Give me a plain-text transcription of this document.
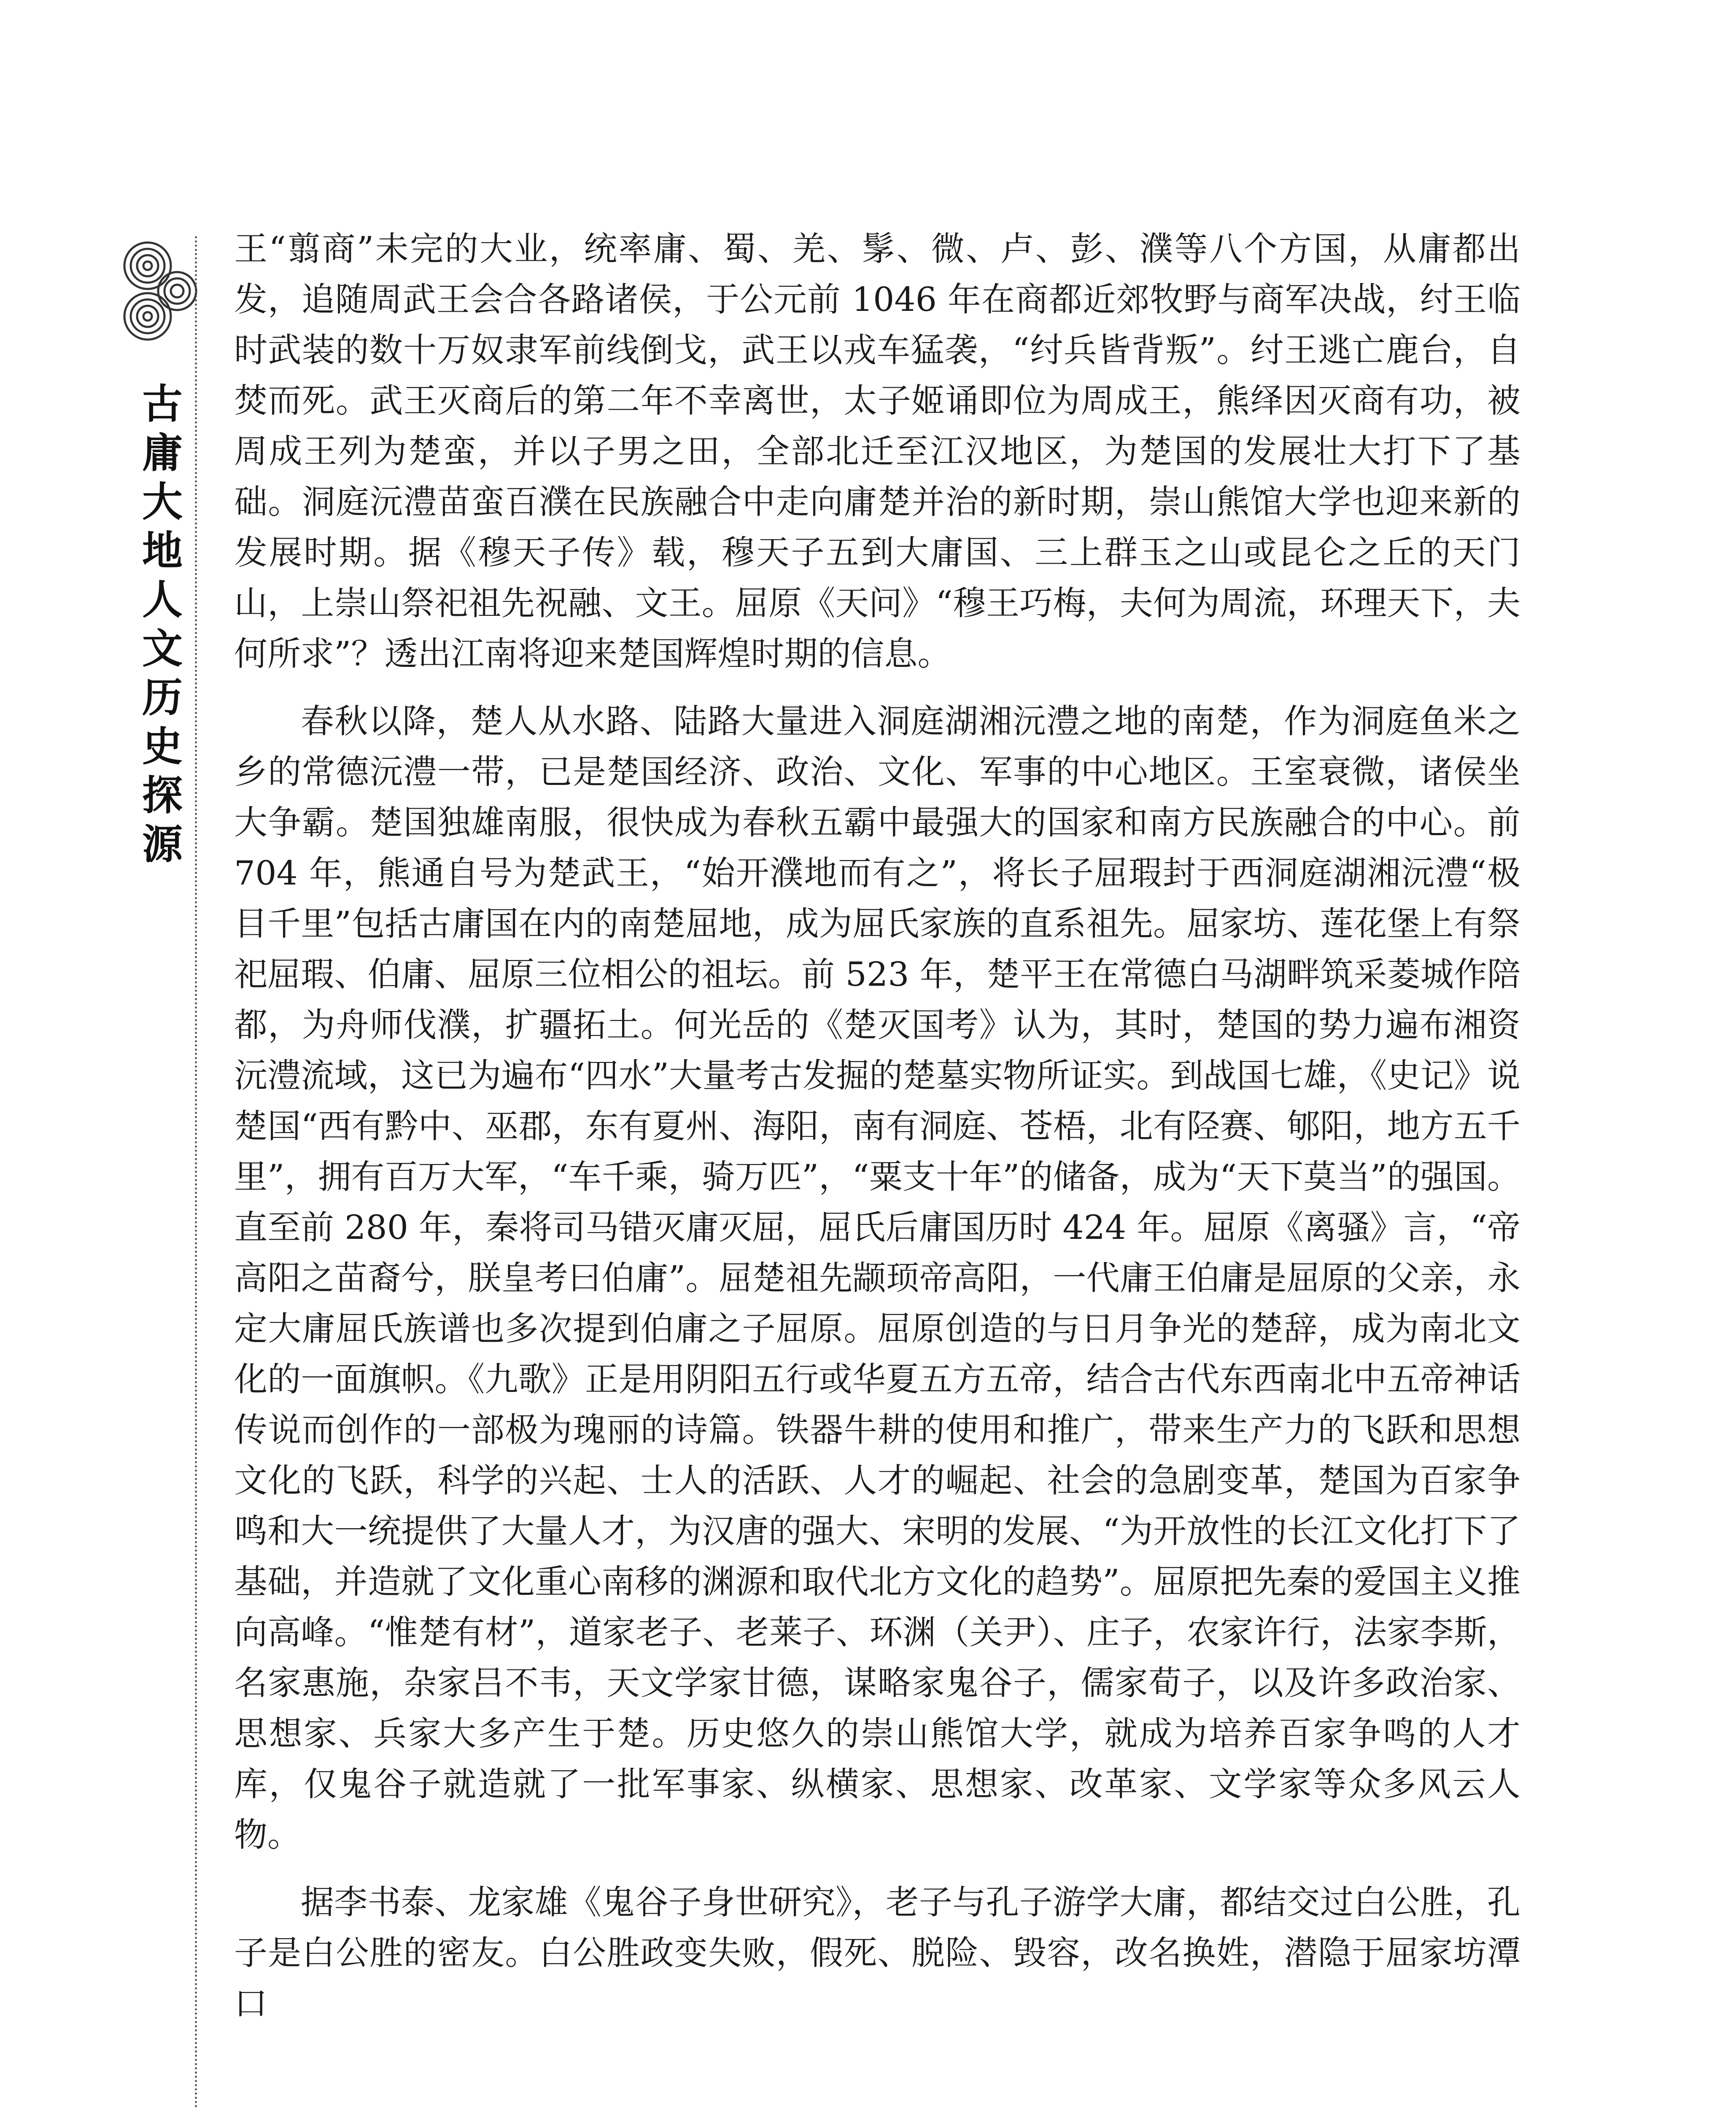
古庸大地人文历史探源

王“翦商”未完的大业，统率庸、蜀、羌、髳、微、卢、彭、濮等八个方国，从庸都出发，追随周武王会合各路诸侯，于公元前 1046 年在商都近郊牧野与商军决战，纣王临时武装的数十万奴隶军前线倒戈，武王以戎车猛袭，“纣兵皆背叛”。纣王逃亡鹿台，自焚而死。武王灭商后的第二年不幸离世，太子姬诵即位为周成王，熊绎因灭商有功，被周成王列为楚蛮，并以子男之田，全部北迁至江汉地区，为楚国的发展壮大打下了基础。洞庭沅澧苗蛮百濮在民族融合中走向庸楚并治的新时期，崇山熊馆大学也迎来新的发展时期。据《穆天子传》载，穆天子五到大庸国、三上群玉之山或昆仑之丘的天门山，上崇山祭祀祖先祝融、文王。屈原《天问》“穆王巧梅，夫何为周流，环理天下，夫何所求”？透出江南将迎来楚国辉煌时期的信息。

春秋以降，楚人从水路、陆路大量进入洞庭湖湘沅澧之地的南楚，作为洞庭鱼米之乡的常德沅澧一带，已是楚国经济、政治、文化、军事的中心地区。王室衰微，诸侯坐大争霸。楚国独雄南服，很快成为春秋五霸中最强大的国家和南方民族融合的中心。前 704 年，熊通自号为楚武王，“始开濮地而有之”，将长子屈瑕封于西洞庭湖湘沅澧“极目千里”包括古庸国在内的南楚屈地，成为屈氏家族的直系祖先。屈家坊、莲花堡上有祭祀屈瑕、伯庸、屈原三位相公的祖坛。前 523 年，楚平王在常德白马湖畔筑采菱城作陪都，为舟师伐濮，扩疆拓土。何光岳的《楚灭国考》认为，其时，楚国的势力遍布湘资沅澧流域，这已为遍布“四水”大量考古发掘的楚墓实物所证实。到战国七雄，《史记》说楚国“西有黔中、巫郡，东有夏州、海阳，南有洞庭、苍梧，北有陉赛、郇阳，地方五千里”，拥有百万大军，“车千乘，骑万匹”，“粟支十年”的储备，成为“天下莫当”的强国。直至前 280 年，秦将司马错灭庸灭屈，屈氏后庸国历时 424 年。屈原《离骚》言，“帝高阳之苗裔兮，朕皇考曰伯庸”。屈楚祖先颛顼帝高阳，一代庸王伯庸是屈原的父亲，永定大庸屈氏族谱也多次提到伯庸之子屈原。屈原创造的与日月争光的楚辞，成为南北文化的一面旗帜。《九歌》正是用阴阳五行或华夏五方五帝，结合古代东西南北中五帝神话传说而创作的一部极为瑰丽的诗篇。铁器牛耕的使用和推广，带来生产力的飞跃和思想文化的飞跃，科学的兴起、士人的活跃、人才的崛起、社会的急剧变革，楚国为百家争鸣和大一统提供了大量人才，为汉唐的强大、宋明的发展、“为开放性的长江文化打下了基础，并造就了文化重心南移的渊源和取代北方文化的趋势”。屈原把先秦的爱国主义推向高峰。“惟楚有材”，道家老子、老莱子、环渊（关尹）、庄子，农家许行，法家李斯，名家惠施，杂家吕不韦，天文学家甘德，谋略家鬼谷子，儒家荀子，以及许多政治家、思想家、兵家大多产生于楚。历史悠久的崇山熊馆大学，就成为培养百家争鸣的人才库，仅鬼谷子就造就了一批军事家、纵横家、思想家、改革家、文学家等众多风云人物。

据李书泰、龙家雄《鬼谷子身世研究》，老子与孔子游学大庸，都结交过白公胜，孔子是白公胜的密友。白公胜政变失败，假死、脱险、毁容，改名换姓，潜隐于屈家坊潭口
